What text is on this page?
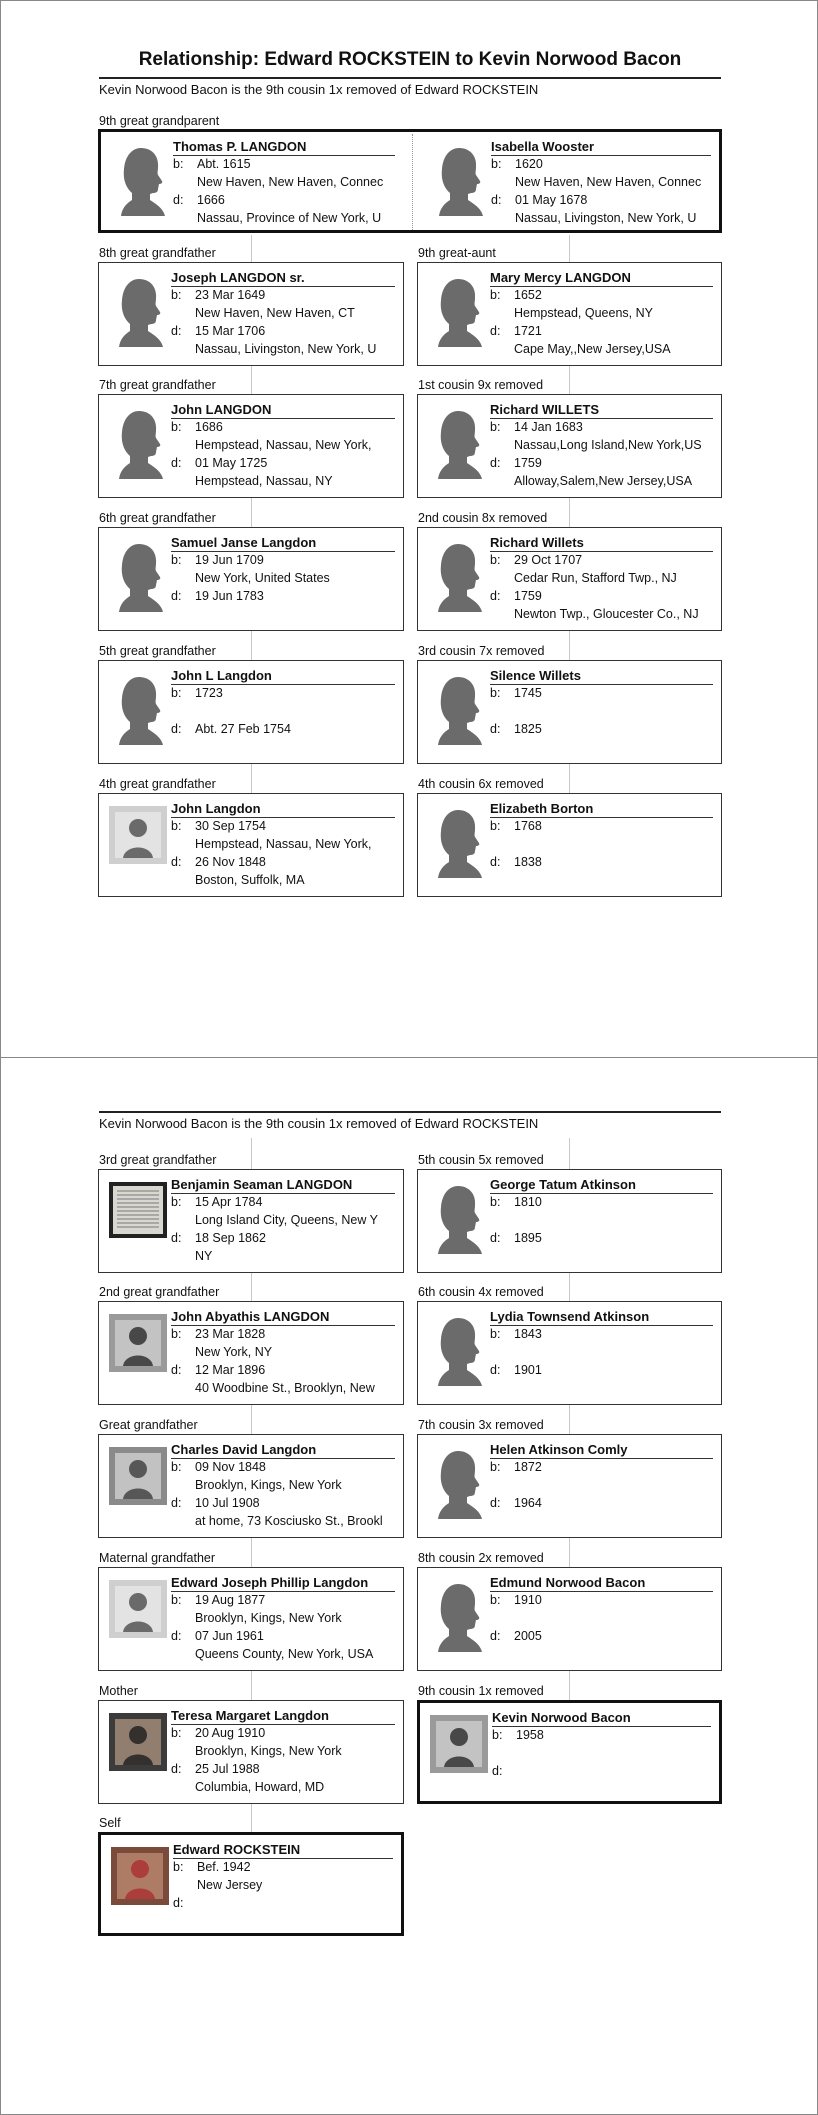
Relationship: Edward ROCKSTEIN to Kevin Norwood Bacon
Kevin Norwood Bacon is the 9th cousin 1x removed of Edward ROCKSTEIN
9th great grandparent
Thomas P. LANGDON
b: Abt. 1615
New Haven, New Haven, Connec
d: 1666
Nassau, Province of New York, U
Isabella Wooster
b: 1620
New Haven, New Haven, Connec
d: 01 May 1678
Nassau, Livingston, New York, U
8th great grandfather	9th great-aunt
Joseph LANGDON sr.
b: 23 Mar 1649
New Haven, New Haven, CT
d: 15 Mar 1706
Nassau, Livingston, New York, U
Mary Mercy LANGDON
b: 1652
Hempstead, Queens, NY
d: 1721
Cape May,,New Jersey,USA
7th great grandfather	1st cousin 9x removed
John LANGDON
b: 1686
Hempstead, Nassau, New York,
d: 01 May 1725
Hempstead, Nassau, NY
Richard WILLETS
b: 14 Jan 1683
Nassau,Long Island,New York,US
d: 1759
Alloway,Salem,New Jersey,USA
6th great grandfather	2nd cousin 8x removed
Samuel Janse Langdon
b: 19 Jun 1709
New York, United States
d: 19 Jun 1783
Richard Willets
b: 29 Oct 1707
Cedar Run, Stafford Twp., NJ
d: 1759
Newton Twp., Gloucester Co., NJ
5th great grandfather	3rd cousin 7x removed
John L Langdon
b: 1723
d: Abt. 27 Feb 1754
Silence Willets
b: 1745
d: 1825
4th great grandfather	4th cousin 6x removed
John Langdon
b: 30 Sep 1754
Hempstead, Nassau, New York,
d: 26 Nov 1848
Boston, Suffolk, MA
Elizabeth Borton
b: 1768
d: 1838
Kevin Norwood Bacon is the 9th cousin 1x removed of Edward ROCKSTEIN
3rd great grandfather	5th cousin 5x removed
Benjamin Seaman LANGDON
b: 15 Apr 1784
Long Island City, Queens, New Y
d: 18 Sep 1862
NY
George Tatum Atkinson
b: 1810
d: 1895
2nd great grandfather	6th cousin 4x removed
John Abyathis LANGDON
b: 23 Mar 1828
New York, NY
d: 12 Mar 1896
40 Woodbine St., Brooklyn, New
Lydia Townsend Atkinson
b: 1843
d: 1901
Great grandfather	7th cousin 3x removed
Charles David Langdon
b: 09 Nov 1848
Brooklyn, Kings, New York
d: 10 Jul 1908
at home, 73 Kosciusko St., Brookl
Helen Atkinson Comly
b: 1872
d: 1964
Maternal grandfather	8th cousin 2x removed
Edward Joseph Phillip Langdon
b: 19 Aug 1877
Brooklyn, Kings, New York
d: 07 Jun 1961
Queens County, New York, USA
Edmund Norwood Bacon
b: 1910
d: 2005
Mother	9th cousin 1x removed
Teresa Margaret Langdon
b: 20 Aug 1910
Brooklyn, Kings, New York
d: 25 Jul 1988
Columbia, Howard, MD
Kevin Norwood Bacon
b: 1958
d:
Self
Edward ROCKSTEIN
b: Bef. 1942
New Jersey
d:
